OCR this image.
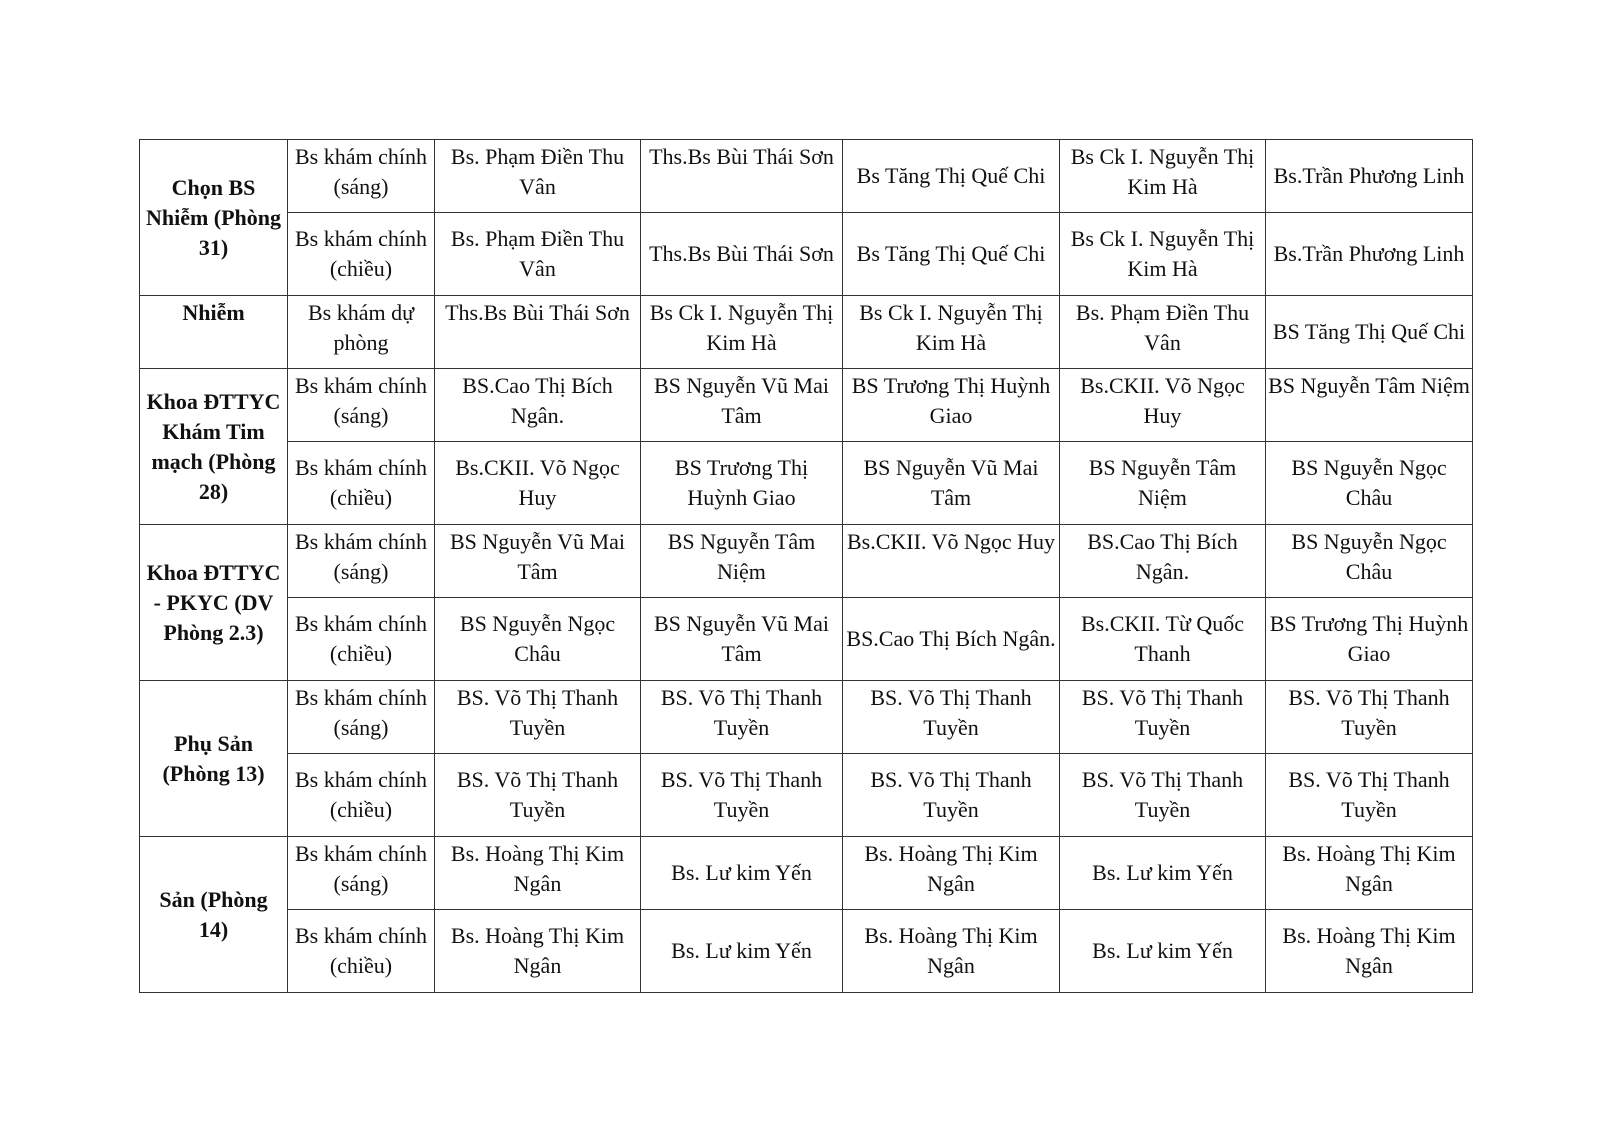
Chọn BS Nhiễm (Phòng 31)	Bs khám chính (sáng)	Bs. Phạm Điền Thu Vân	Ths.Bs Bùi Thái Sơn	Bs Tăng Thị Quế Chi	Bs Ck I. Nguyễn Thị Kim Hà	Bs.Trần Phương Linh
	Bs khám chính (chiều)	Bs. Phạm Điền Thu Vân	Ths.Bs Bùi Thái Sơn	Bs Tăng Thị Quế Chi	Bs Ck I. Nguyễn Thị Kim Hà	Bs.Trần Phương Linh
Nhiễm	Bs khám dự phòng	Ths.Bs Bùi Thái Sơn	Bs Ck I. Nguyễn Thị Kim Hà	Bs Ck I. Nguyễn Thị Kim Hà	Bs. Phạm Điền Thu Vân	BS Tăng Thị Quế Chi
Khoa ĐTTYC Khám Tim mạch (Phòng 28)	Bs khám chính (sáng)	BS.Cao Thị Bích Ngân.	BS Nguyễn Vũ Mai Tâm	BS Trương Thị Huỳnh Giao	Bs.CKII. Võ Ngọc Huy	BS Nguyễn Tâm Niệm
	Bs khám chính (chiều)	Bs.CKII. Võ Ngọc Huy	BS Trương Thị Huỳnh Giao	BS Nguyễn Vũ Mai Tâm	BS Nguyễn Tâm Niệm	BS Nguyễn Ngọc Châu
Khoa ĐTTYC - PKYC (DV Phòng 2.3)	Bs khám chính (sáng)	BS Nguyễn Vũ Mai Tâm	BS Nguyễn Tâm Niệm	Bs.CKII. Võ Ngọc Huy	BS.Cao Thị Bích Ngân.	BS Nguyễn Ngọc Châu
	Bs khám chính (chiều)	BS Nguyễn Ngọc Châu	BS Nguyễn Vũ Mai Tâm	BS.Cao Thị Bích Ngân.	Bs.CKII. Từ Quốc Thanh	BS Trương Thị Huỳnh Giao
Phụ Sản (Phòng 13)	Bs khám chính (sáng)	BS. Võ Thị Thanh Tuyền	BS. Võ Thị Thanh Tuyền	BS. Võ Thị Thanh Tuyền	BS. Võ Thị Thanh Tuyền	BS. Võ Thị Thanh Tuyền
	Bs khám chính (chiều)	BS. Võ Thị Thanh Tuyền	BS. Võ Thị Thanh Tuyền	BS. Võ Thị Thanh Tuyền	BS. Võ Thị Thanh Tuyền	BS. Võ Thị Thanh Tuyền
Sản (Phòng 14)	Bs khám chính (sáng)	Bs. Hoàng Thị Kim Ngân	Bs. Lư kim Yến	Bs. Hoàng Thị Kim Ngân	Bs. Lư kim Yến	Bs. Hoàng Thị Kim Ngân
	Bs khám chính (chiều)	Bs. Hoàng Thị Kim Ngân	Bs. Lư kim Yến	Bs. Hoàng Thị Kim Ngân	Bs. Lư kim Yến	Bs. Hoàng Thị Kim Ngân
